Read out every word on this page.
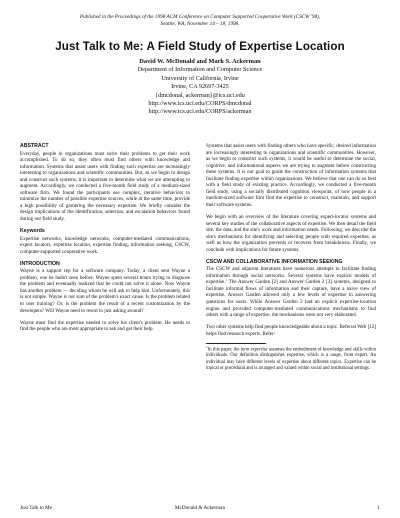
Published in the Proceedings of the 1998 ACM Conference on Computer Supported Cooperative Work (CSCW '98),
Seattle, WA, November 14 – 18, 1998.
Just Talk to Me: A Field Study of Expertise Location
David W. McDonald and Mark S. Ackerman
Department of Information and Computer Science
University of California, Irvine
Irvine, CA 92697-3425
{dmcdonal, ackerman}@ics.uci.edu
http://www.ics.uci.edu/CORPS/dmcdonal
http://www.ics.uci.edu/CORPS/ackerman
ABSTRACT

Everyday, people in organizations must solve their problems to get their work accomplished. To do so, they often must find others with knowledge and information. Systems that assist users with finding such expertise are increasingly interesting to organizations and scientific communities. But, as we begin to design and construct such systems, it is important to determine what we are attempting to augment. Accordingly, we conducted a five-month field study of a medium-sized software firm. We found the participants use complex, iterative behaviors to minimize the number of possible expertise sources, while at the same time, provide a high possibility of garnering the necessary expertise. We briefly consider the design implications of the identification, selection, and escalation behaviors found during our field study.

Keywords

Expertise networks, knowledge networks, computer-mediated communications, expert locators, expertise location, expertise finding, information seeking, CSCW, computer-supported cooperative work.

INTRODUCTION

Wayne is a support rep for a software company. Today, a client sent Wayne a problem, one he hadn't seen before. Wayne spent several hours trying to diagnose the problem and eventually realized that he could not solve it alone. Now Wayne has another problem — deciding whom he will ask to help him. Unfortunately, this is not simple. Wayne is not sure of the problem's exact cause. Is the problem related to user training? Or, is the problem the result of a recent customization by the developers? Will Wayne need to resort to just asking around?

Wayne must find the expertise needed to solve his client's problem. He needs to find the people who are most appropriate to ask and get their help.

Systems that assist users with finding others who have specific, desired information are increasingly interesting to organizations and scientific communities. However, as we begin to construct such systems, it would be useful to determine the social, cognitive, and informational aspects we are trying to augment before constructing these systems. It is our goal to guide the construction of information systems that facilitate finding expertise within organizations. We believe that one can do so best with a field study of existing practice. Accordingly, we conducted a five-month field study, using a socially distributed cognition viewpoint, of how people in a medium-sized software firm find the expertise to construct, maintain, and support their software systems.

We begin with an overview of the literature covering expert-locator systems and several key studies of the collaborative aspects of expertise. We then detail the field site, the data, and the site's work and information needs. Following, we describe the site's mechanisms for identifying and selecting people with required expertise, as well as how the organization prevents or recovers from breakdowns. Finally, we conclude with implications for future systems.

CSCW AND COLLABORATIVE INFORMATION SEEKING

The CSCW and adjacent literatures have numerous attempts to facilitate finding information through social networks. Several systems have explicit models of expertise.$^1$ The Answer Garden [2] and Answer Garden 2 [3] systems, designed to facilitate informal flows of information and their capture, have a naive view of expertise. Answer Garden allowed only a few levels of expertise in answering questions for users. While Answer Garden 2 had an explicit expertise-location engine and provided computer-mediated communications mechanisms to find others with a range of expertise, the mechanisms were not very elaborated.

Two other systems help find people knowledgeable about a topic. Referral Web [12] helps find research experts. Refer-

$^1$In this paper, the term expertise assumes the embodiment of knowledge and skills within individuals. Our definition distinguishes expertise, which is a range, from expert. An individual may have different levels of expertise about different topics. Expertise can be topical or procedural and is arranged and valued within social and institutional settings.
Just Talk to Me	McDonald & Ackerman	1
